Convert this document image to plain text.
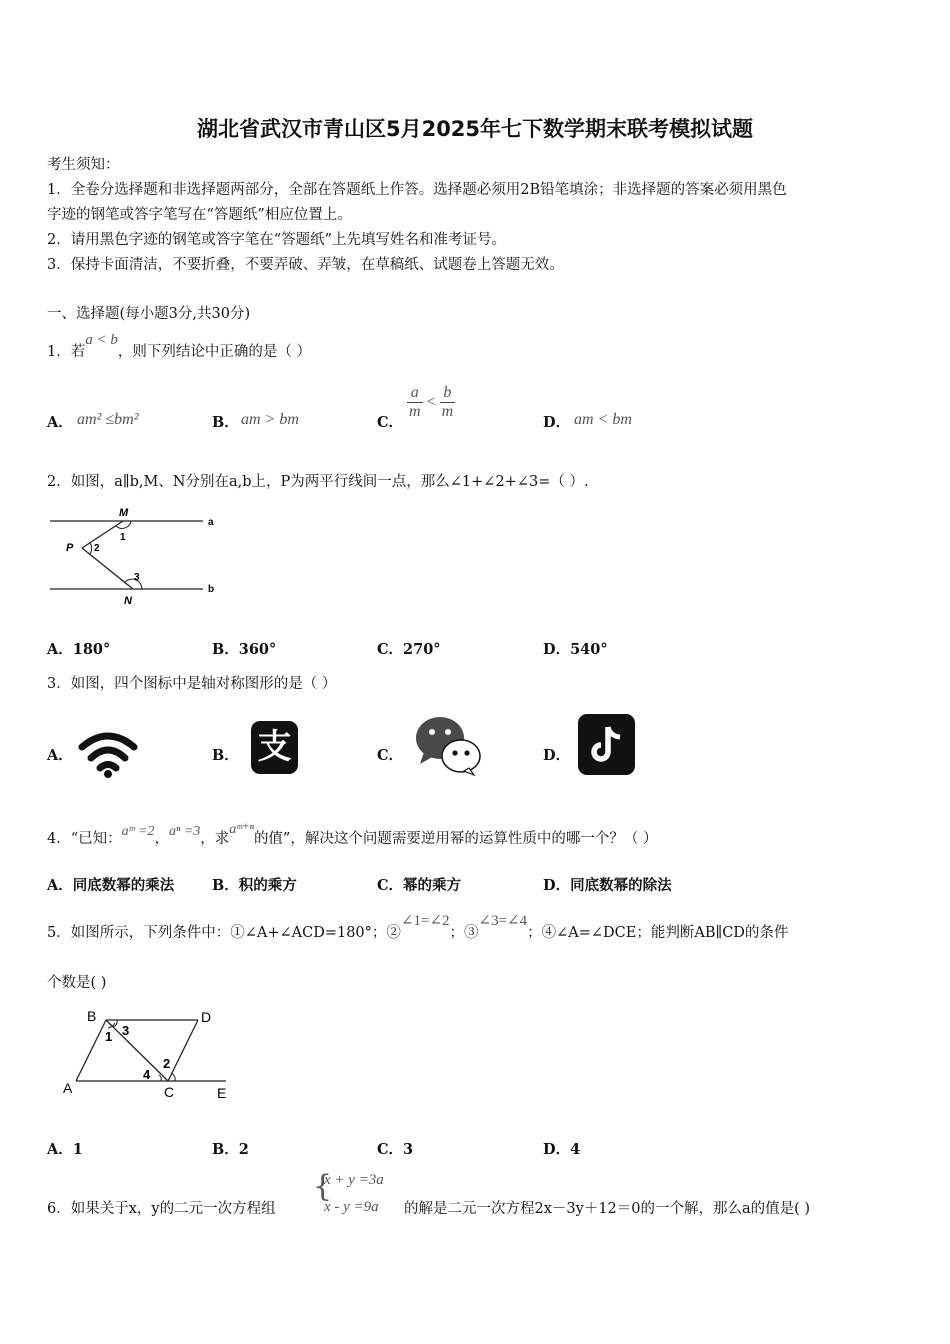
湖北省武汉市青山区5月2025年七下数学期末联考模拟试题
考生须知：
1．全卷分选择题和非选择题两部分，全部在答题纸上作答。选择题必须用2B铅笔填涂；非选择题的答案必须用黑色
字迹的钢笔或答字笔写在“答题纸”相应位置上。
2．请用黑色字迹的钢笔或答字笔在“答题纸”上先填写姓名和准考证号。
3．保持卡面清洁，不要折叠，不要弄破、弄皱，在草稿纸、试题卷上答题无效。
一、选择题(每小题3分,共30分)
1．若a < b，则下列结论中正确的是（ ）
A． am² ≤bm²	B． am > bm	C．
$\frac{a}{m} < \frac{b}{m}$
D． am < bm
2．如图，a∥b,M、N分别在a,b上，P为两平行线间一点，那么∠1+∠2+∠3=（ ）.
M
N
P
a
b
1
2
3
A．180°	B．360°	C．270°	D．540°
3．如图，四个图标中是轴对称图形的是（ ）
A．	B． 支	C．	D．
4．“已知：aᵐ =2，aⁿ =3，求aᵐ⁺ⁿ的值”，解决这个问题需要逆用幂的运算性质中的哪一个？（ ）
A．同底数幂的乘法	B．积的乘方	C．幂的乘方	D．同底数幂的除法
5．如图所示，下列条件中：①∠A+∠ACD=180°；②∠1=∠2；③∠3=∠4；④∠A=∠DCE；能判断AB∥CD的条件
个数是( )
B	D
A	C	E
1 3
2
4
A．1	B．2	C．3	D．4
6．如果关于x，y的二元一次方程组
{
x + y =3a
x - y =9a 的解是二元一次方程2x－3y＋12＝0的一个解，那么a的值是( )
